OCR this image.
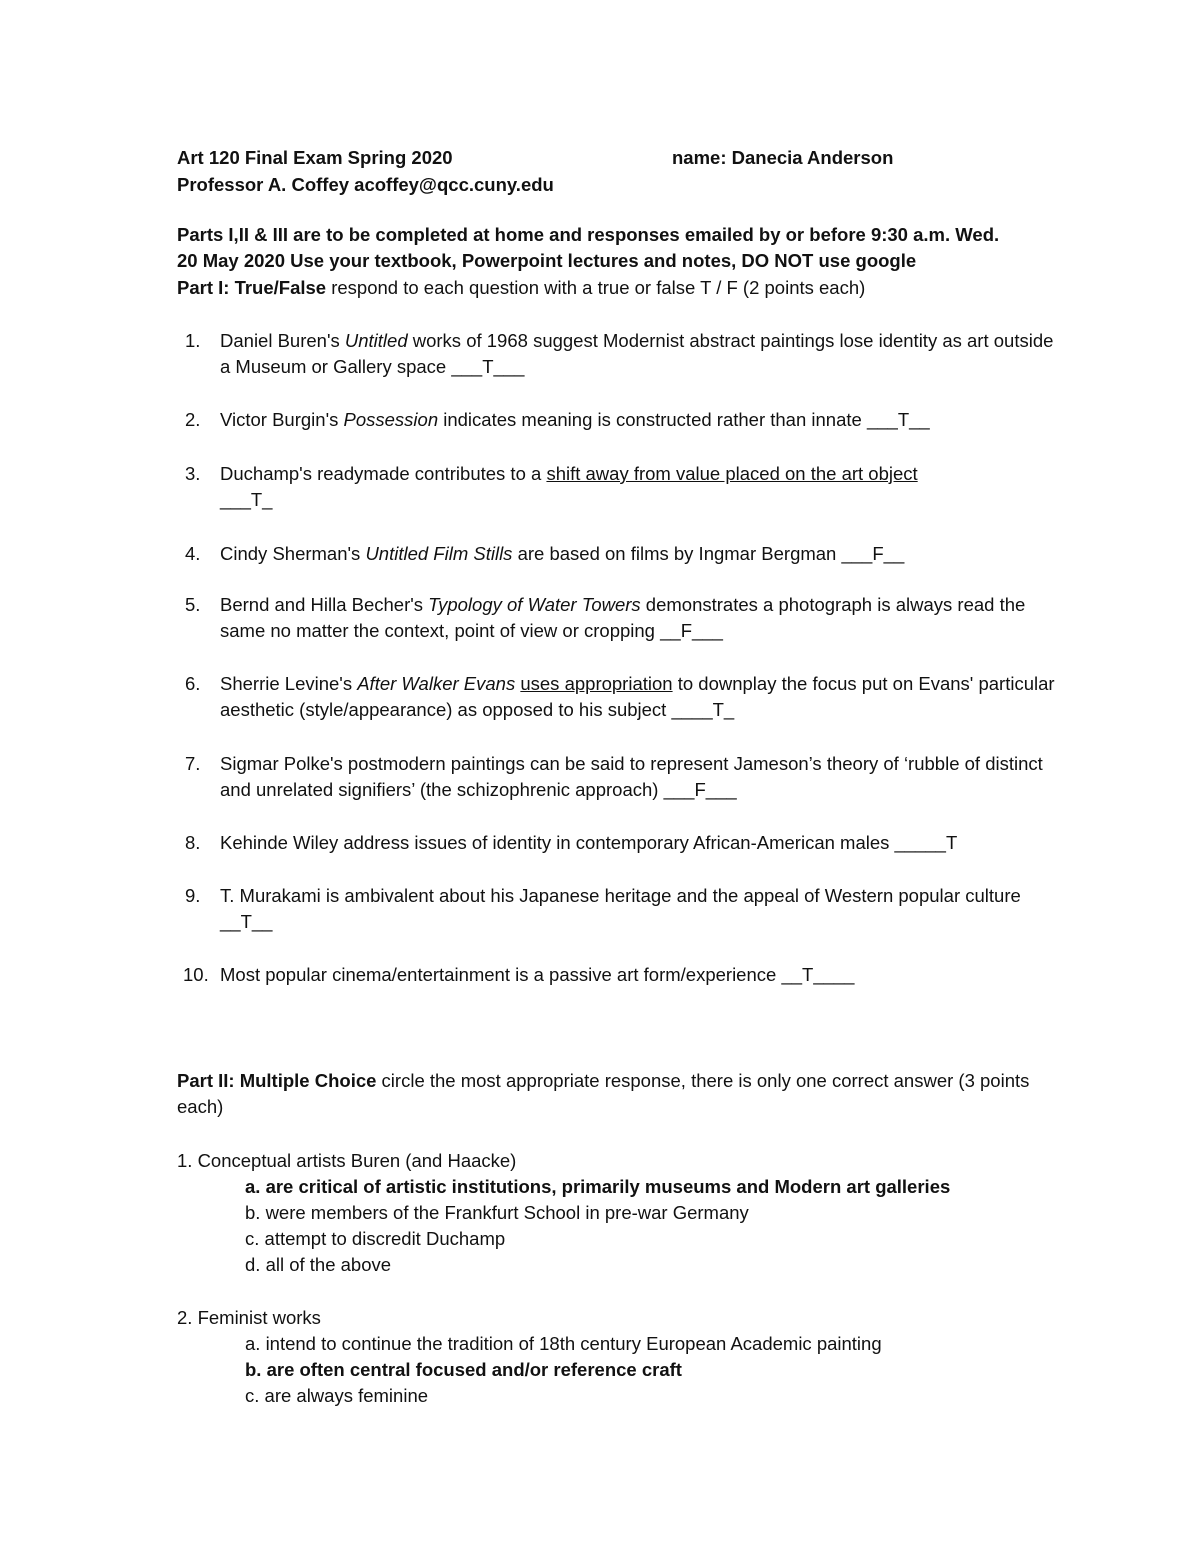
Art 120 Final Exam Spring 2020	name: Danecia Anderson
Professor A. Coffey acoffey@qcc.cuny.edu
Parts I,II & III are to be completed at home and responses emailed by or before 9:30 a.m. Wed.
20 May 2020 Use your textbook, Powerpoint lectures and notes, DO NOT use google
Part I: True/False respond to each question with a true or false T / F (2 points each)
1.	Daniel Buren's Untitled works of 1968 suggest Modernist abstract paintings lose identity as art outside a Museum or Gallery space ___T___
2.	Victor Burgin's Possession indicates meaning is constructed rather than innate ___T__
3.	Duchamp's readymade contributes to a shift away from value placed on the art object
___T_
4.	Cindy Sherman's Untitled Film Stills are based on films by Ingmar Bergman ___F__
5.	Bernd and Hilla Becher's Typology of Water Towers demonstrates a photograph is always read the same no matter the context, point of view or cropping __F___
6.	Sherrie Levine's After Walker Evans uses appropriation to downplay the focus put on Evans' particular aesthetic (style/appearance) as opposed to his subject ____T_
7.	Sigmar Polke's postmodern paintings can be said to represent Jameson’s theory of ‘rubble of distinct and unrelated signifiers’ (the schizophrenic approach) ___F___
8.	Kehinde Wiley address issues of identity in contemporary African-American males _____T
9.	T. Murakami is ambivalent about his Japanese heritage and the appeal of Western popular culture __T__
10. Most popular cinema/entertainment is a passive art form/experience __T____
Part II: Multiple Choice circle the most appropriate response, there is only one correct answer (3 points each)
1. Conceptual artists Buren (and Haacke)
a. are critical of artistic institutions, primarily museums and Modern art galleries
b. were members of the Frankfurt School in pre-war Germany
c. attempt to discredit Duchamp
d. all of the above
2. Feminist works
a. intend to continue the tradition of 18th century European Academic painting
b. are often central focused and/or reference craft
c. are always feminine
